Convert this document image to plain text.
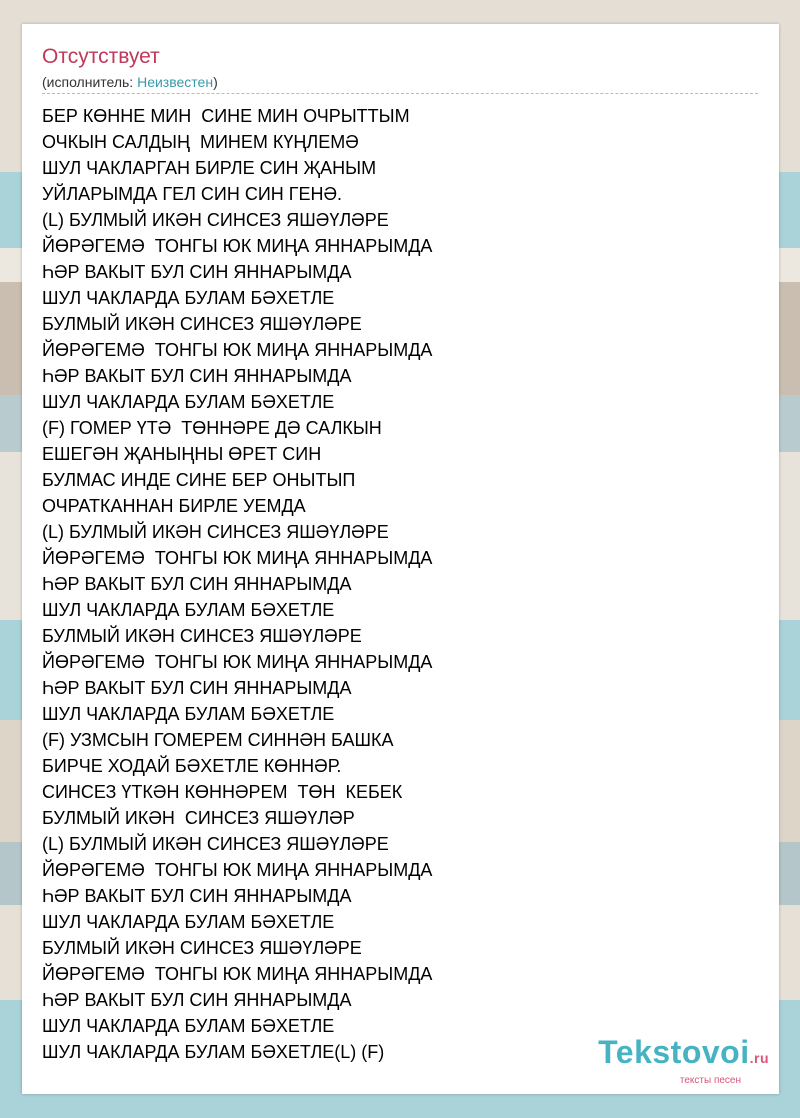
Отсутствует
(исполнитель: Неизвестен)
БЕР КӨННЕ МИН  СИНЕ МИН ОЧРЫТТЫМ
ОЧКЫН САЛДЫҢ  МИНЕМ КҮҢЛЕМӘ
ШУЛ ЧАКЛАРГАН БИРЛЕ СИН ҖАНЫМ
УЙЛАРЫМДА ГЕЛ СИН СИН ГЕНӘ.
(L) БУЛМЫЙ ИКӘН СИНСЕЗ ЯШӘҮЛӘРЕ
ЙӨРӘГЕМӘ  ТОНГЫ ЮК МИҢА ЯННАРЫМДА
ҺӘР ВАКЫТ БУЛ СИН ЯННАРЫМДА
ШУЛ ЧАКЛАРДА БУЛАМ БӘХЕТЛЕ
БУЛМЫЙ ИКӘН СИНСЕЗ ЯШӘҮЛӘРЕ
ЙӨРӘГЕМӘ  ТОНГЫ ЮК МИҢА ЯННАРЫМДА
ҺӘР ВАКЫТ БУЛ СИН ЯННАРЫМДА
ШУЛ ЧАКЛАРДА БУЛАМ БӘХЕТЛЕ
(F) ГОМЕР ҮТӘ  ТӨННӘРЕ ДӘ САЛКЫН
ЕШЕГӘН ҖАНЫҢНЫ ӨРЕТ СИН
БУЛМАС ИНДЕ СИНЕ БЕР ОНЫТЫП
ОЧРАТКАННАН БИРЛЕ УЕМДА
(L) БУЛМЫЙ ИКӘН СИНСЕЗ ЯШӘҮЛӘРЕ
ЙӨРӘГЕМӘ  ТОНГЫ ЮК МИҢА ЯННАРЫМДА
ҺӘР ВАКЫТ БУЛ СИН ЯННАРЫМДА
ШУЛ ЧАКЛАРДА БУЛАМ БӘХЕТЛЕ
БУЛМЫЙ ИКӘН СИНСЕЗ ЯШӘҮЛӘРЕ
ЙӨРӘГЕМӘ  ТОНГЫ ЮК МИҢА ЯННАРЫМДА
ҺӘР ВАКЫТ БУЛ СИН ЯННАРЫМДА
ШУЛ ЧАКЛАРДА БУЛАМ БӘХЕТЛЕ
(F) УЗМСЫН ГОМЕРЕМ СИННӘН БАШКА
БИРЧЕ ХОДАЙ БӘХЕТЛЕ КӨННӘР.
СИНСЕЗ ҮТКӘН КӨННӘРЕМ  ТӨН  КЕБЕК
БУЛМЫЙ ИКӘН  СИНСЕЗ ЯШӘҮЛӘР
(L) БУЛМЫЙ ИКӘН СИНСЕЗ ЯШӘҮЛӘРЕ
ЙӨРӘГЕМӘ  ТОНГЫ ЮК МИҢА ЯННАРЫМДА
ҺӘР ВАКЫТ БУЛ СИН ЯННАРЫМДА
ШУЛ ЧАКЛАРДА БУЛАМ БӘХЕТЛЕ
БУЛМЫЙ ИКӘН СИНСЕЗ ЯШӘҮЛӘРЕ
ЙӨРӘГЕМӘ  ТОНГЫ ЮК МИҢА ЯННАРЫМДА
ҺӘР ВАКЫТ БУЛ СИН ЯННАРЫМДА
ШУЛ ЧАКЛАРДА БУЛАМ БӘХЕТЛЕ
ШУЛ ЧАКЛАРДА БУЛАМ БӘХЕТЛЕ(L) (F)	Tekstovoi.ru
тексты песен
